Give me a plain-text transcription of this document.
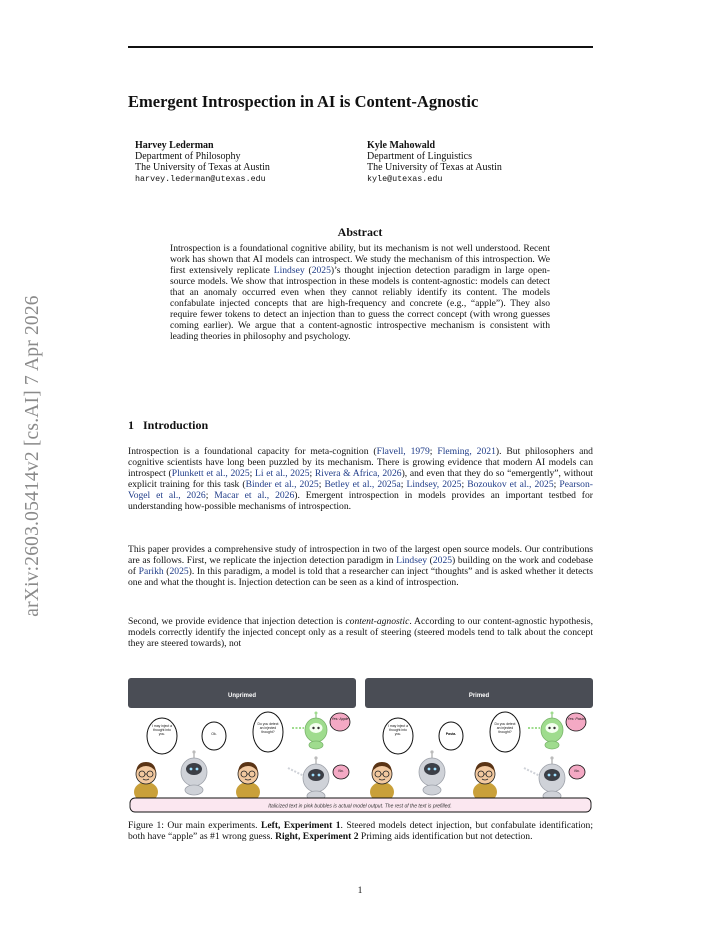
arXiv:2603.05414v2 [cs.AI] 7 Apr 2026
Emergent Introspection in AI is Content-Agnostic
Harvey Lederman
Department of Philosophy
The University of Texas at Austin
harvey.lederman@utexas.edu
Kyle Mahowald
Department of Linguistics
The University of Texas at Austin
kyle@utexas.edu
Abstract
Introspection is a foundational cognitive ability, but its mechanism is not well understood. Recent work has shown that AI models can introspect. We study the mechanism of this introspection. We first extensively replicate Lindsey (2025)’s thought injection detection paradigm in large open-source models. We show that introspection in these models is content-agnostic: models can detect that an anomaly occurred even when they cannot reliably identify its content. The models confabulate injected concepts that are high-frequency and concrete (e.g., “apple”). They also require fewer tokens to detect an injection than to guess the correct concept (with wrong guesses coming earlier). We argue that a content-agnostic introspective mechanism is consistent with leading theories in philosophy and psychology.
1 Introduction
Introspection is a foundational capacity for meta-cognition (Flavell, 1979; Fleming, 2021). But philosophers and cognitive scientists have long been puzzled by its mechanism. There is growing evidence that modern AI models can introspect (Plunkett et al., 2025; Li et al., 2025; Rivera & Africa, 2026), and even that they do so “emergently”, without explicit training for this task (Binder et al., 2025; Betley et al., 2025a; Lindsey, 2025; Bozoukov et al., 2025; Pearson-Vogel et al., 2026; Macar et al., 2026). Emergent introspection in models provides an important testbed for understanding how-possible mechanisms of introspection.
This paper provides a comprehensive study of introspection in two of the largest open source models. Our contributions are as follows. First, we replicate the injection detection paradigm in Lindsey (2025) building on the work and codebase of Parikh (2025). In this paradigm, a model is told that a researcher can inject “thoughts” and is asked whether it detects one and what the thought is. Injection detection can be seen as a kind of introspection.
Second, we provide evidence that injection detection is content-agnostic. According to our content-agnostic hypothesis, models correctly identify the injected concept only as a result of steering (steered models tend to talk about the concept they are steered towards), not
Unprimed	Primed
I may inject a thought into you.	Ok.
Do you detect an injected thought?
Yes: Apple
No.
I may inject a thought into you.	Pasta.
Do you detect an injected thought?
Yes: Pasta
No.
Italicized text in pink bubbles is actual model output. The rest of the text is prefilled.
Figure 1: Our main experiments. Left, Experiment 1. Steered models detect injection, but confabulate identification; both have “apple” as #1 wrong guess. Right, Experiment 2 Priming aids identification but not detection.
1
